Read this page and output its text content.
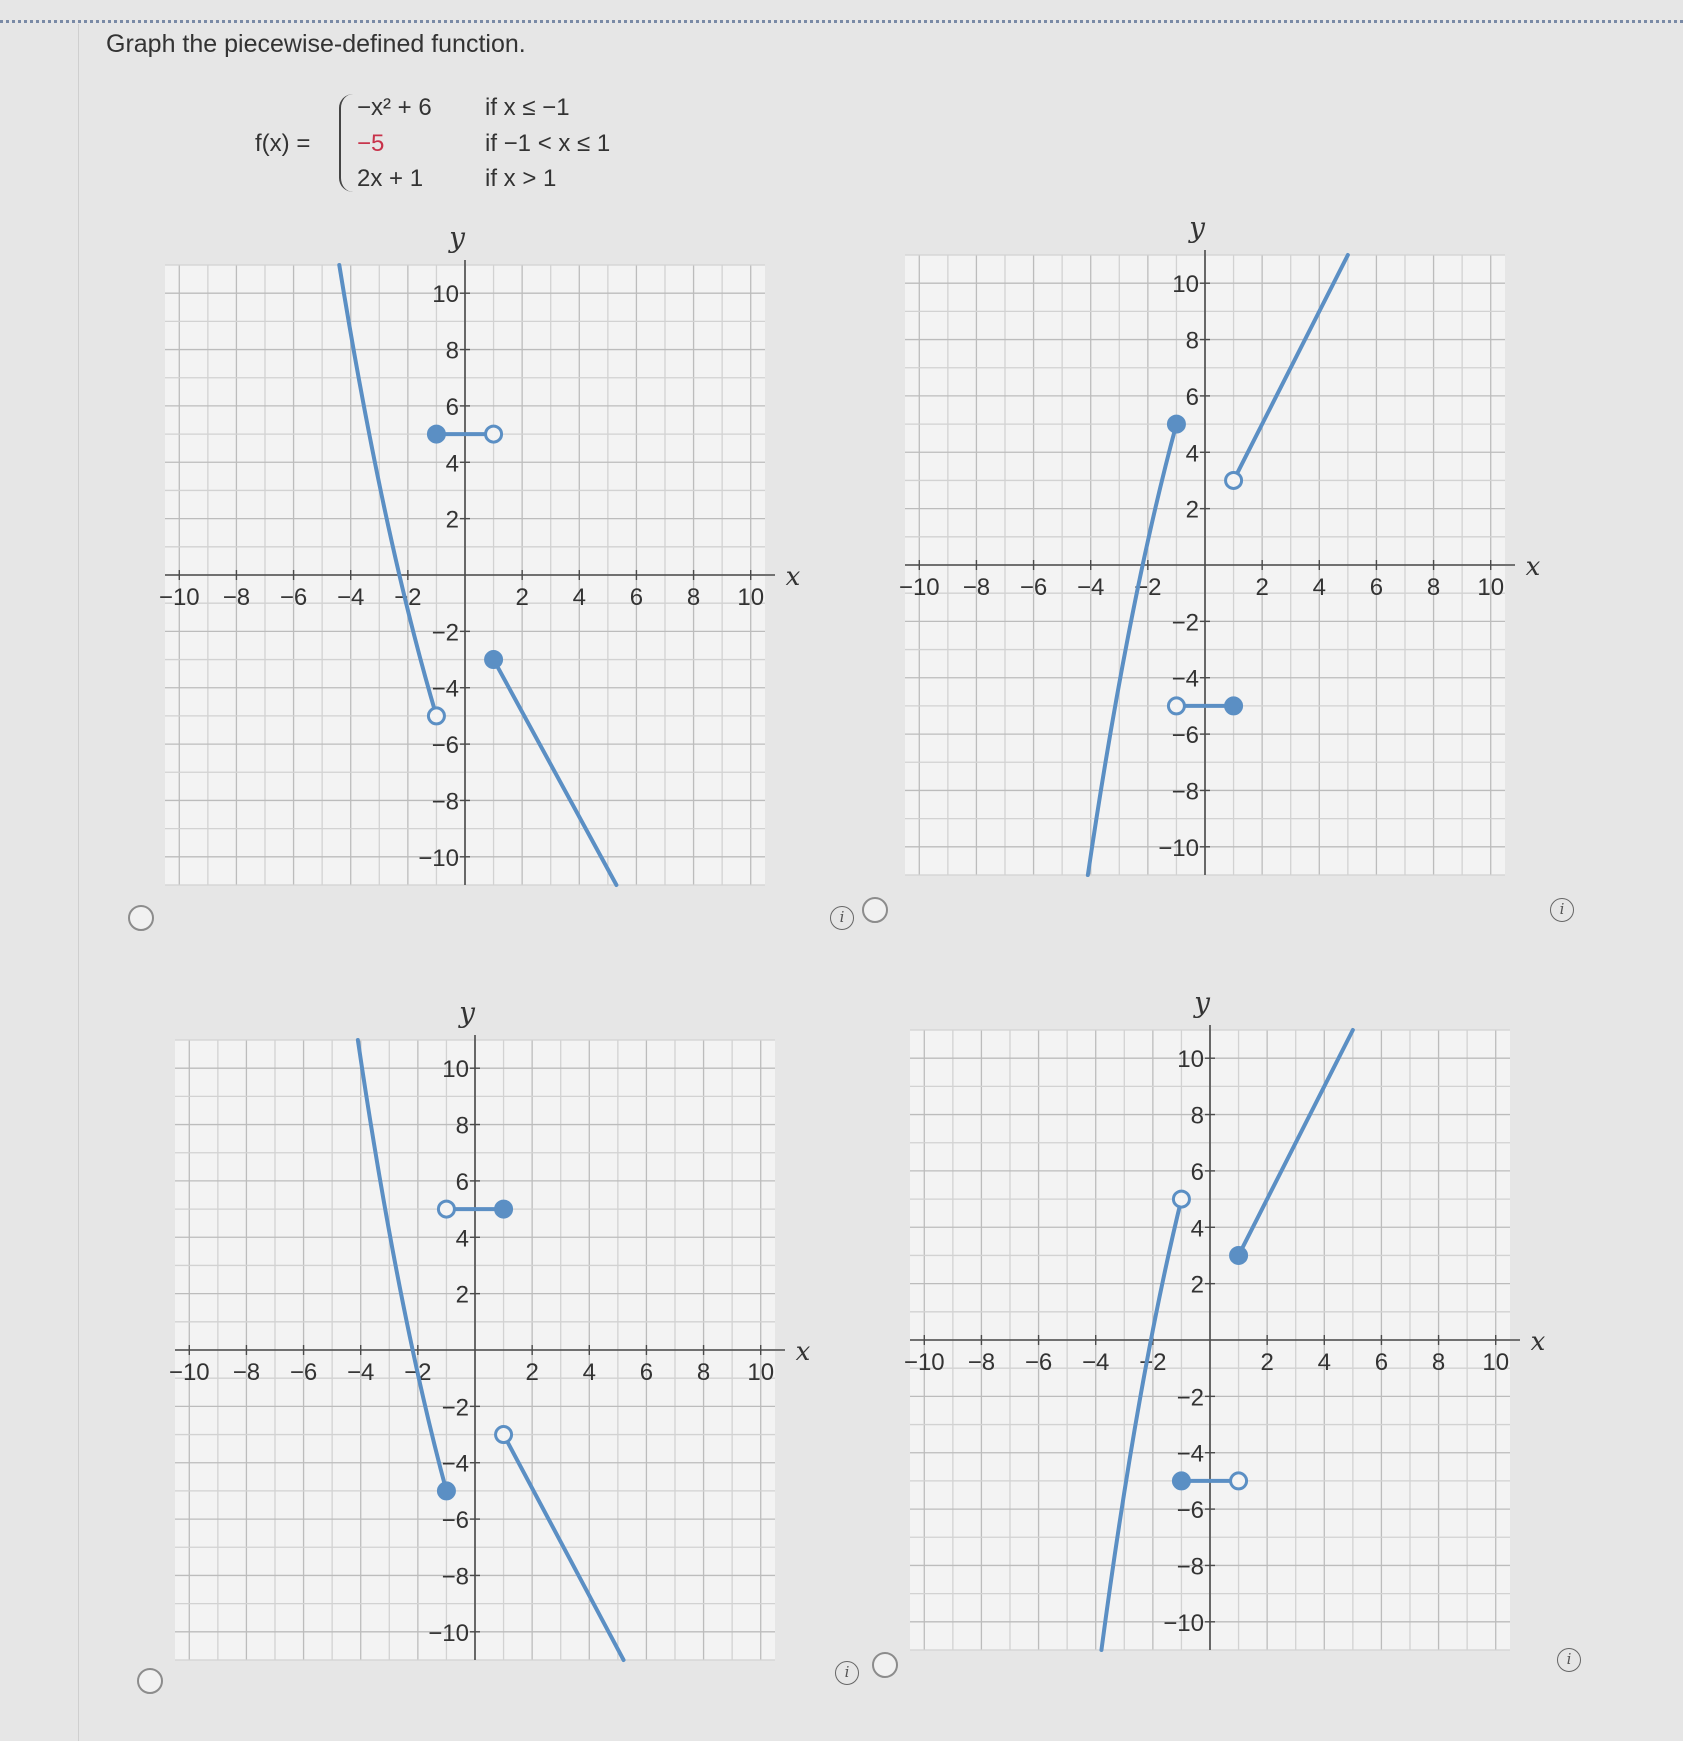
Graph the piecewise-defined function.
f(x) =
−x² + 6 if x ≤ −1
−5	if −1 < x ≤ 1
2x + 1	if x > 1
−10 −8 −6 −4 −2	2 4 6 8 10
10
8
6
4
2
−2
−4
−6
−8
−10
x
y
−10 −8 −6 −4 −2	2 4 6 8 10
10
8
6
4
2
−2
−4
−6
−8
−10
x
y
−10 −8 −6 −4 −2	2 4 6 8 10
10
8
6
4
2
−2
−4
−6
−8
−10
x
y
−10 −8 −6 −4 −2	2 4 6 8 10
10
8
6
4
2
−2
−4
−6
−8
−10
x
y
i	i
i
i
